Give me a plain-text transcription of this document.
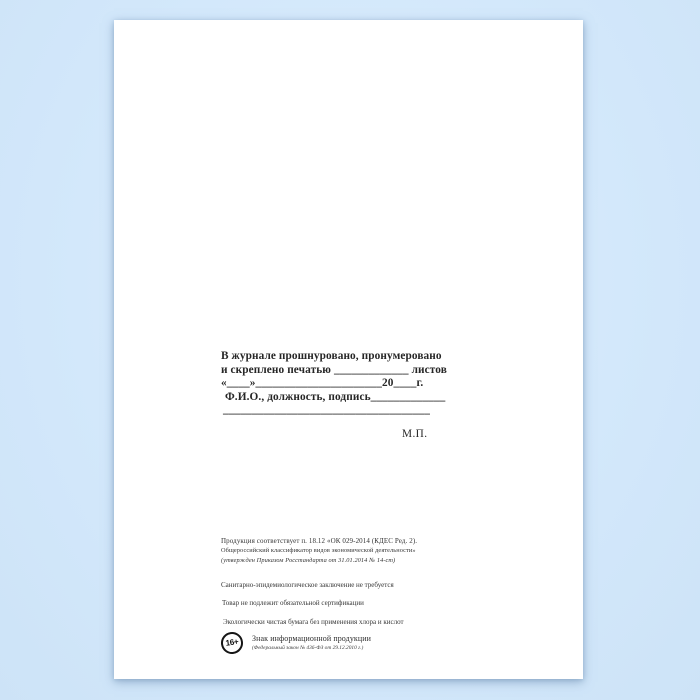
В журнале прошнуровано, пронумеровано
и скреплено печатью _____________ листов
«____»______________________20____г.
Ф.И.О., должность, подпись_____________
____________________________________
М.П.
Продукция соответствует п. 18.12 «ОК 029-2014 (КДЕС Ред. 2).
Общероссийский классификатор видов экономической деятельности»
(утвержден Приказом Росстандарта от 31.01.2014 № 14-ст)
Санитарно-эпидемиологическое заключение не требуется
Товар не подлежит обязательной сертификации
Экологически чистая бумага без применения хлора и кислот
16+	Знак информационной продукции
(Федеральный закон № 436-ФЗ от 29.12.2010 г.)
